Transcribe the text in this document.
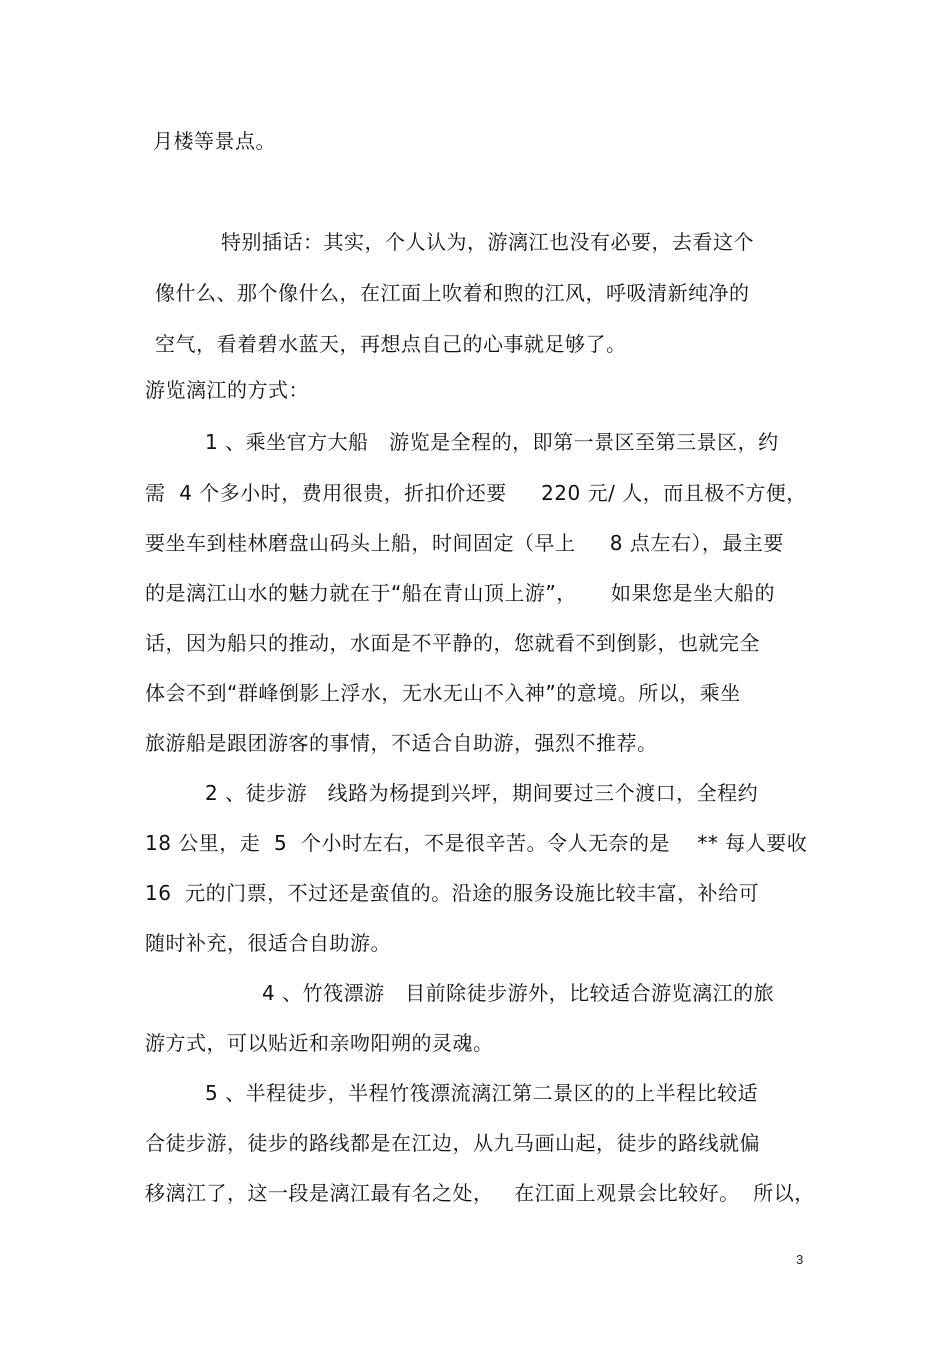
月楼等景点。
特别插话：其实，个人认为，游漓江也没有必要，去看这个
像什么、那个像什么，在江面上吹着和煦的江风，呼吸清新纯净的
空气，看着碧水蓝天，再想点自己的心事就足够了。
游览漓江的方式：
1 、乘坐官方大船   游览是全程的，即第一景区至第三景区，约
需  4 个多小时，费用很贵，折扣价还要     220 元/ 人，而且极不方便，
要坐车到桂林磨盘山码头上船，时间固定（早上     8 点左右），最主要
的是漓江山水的魅力就在于“船在青山顶上游”，     如果您是坐大船的
话，因为船只的推动，水面是不平静的，您就看不到倒影，也就完全
体会不到“群峰倒影上浮水，无水无山不入神”的意境。所以，乘坐
旅游船是跟团游客的事情，不适合自助游，强烈不推荐。
2 、徒步游   线路为杨提到兴坪，期间要过三个渡口，全程约
18 公里，走  5  个小时左右，不是很辛苦。令人无奈的是    ** 每人要收
16  元的门票，不过还是蛮值的。沿途的服务设施比较丰富，补给可
随时补充，很适合自助游。
4 、竹筏漂游   目前除徒步游外，比较适合游览漓江的旅
游方式，可以贴近和亲吻阳朔的灵魂。
5 、半程徒步，半程竹筏漂流漓江第二景区的的上半程比较适
合徒步游，徒步的路线都是在江边，从九马画山起，徒步的路线就偏
移漓江了，这一段是漓江最有名之处，   在江面上观景会比较好。  所以，
3
